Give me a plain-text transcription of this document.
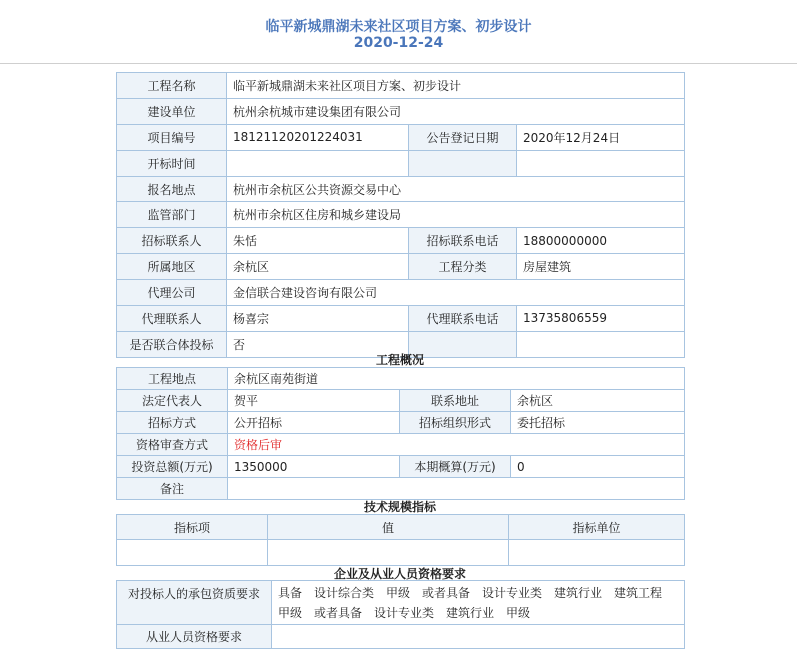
临平新城鼎湖未来社区项目方案、初步设计
2020-12-24
工程名称	临平新城鼎湖未来社区项目方案、初步设计		
建设单位	杭州余杭城市建设集团有限公司		
项目编号	18121120201224031	公告登记日期	2020年12月24日
开标时间			
报名地点	杭州市余杭区公共资源交易中心		
监管部门	杭州市余杭区住房和城乡建设局		
招标联系人	朱恬	招标联系电话	18800000000
所属地区	余杭区	工程分类	房屋建筑
代理公司	金信联合建设咨询有限公司		
代理联系人	杨喜宗	代理联系电话	13735806559
是否联合体投标	否		
工程概况
工程地点	余杭区南苑街道		
法定代表人	贺平	联系地址	余杭区
招标方式	公开招标	招标组织形式	委托招标
资格审查方式	资格后审		
投资总额(万元)	1350000	本期概算(万元)	0
备注			
技术规模指标
指标项	值	指标单位

企业及从业人员资格要求
对投标人的承包资质要求	具备　设计综合类　甲级　或者具备　设计专业类　建筑行业　建筑工程　甲级　或者具备　设计专业类　建筑行业　甲级
从业人员资格要求	
